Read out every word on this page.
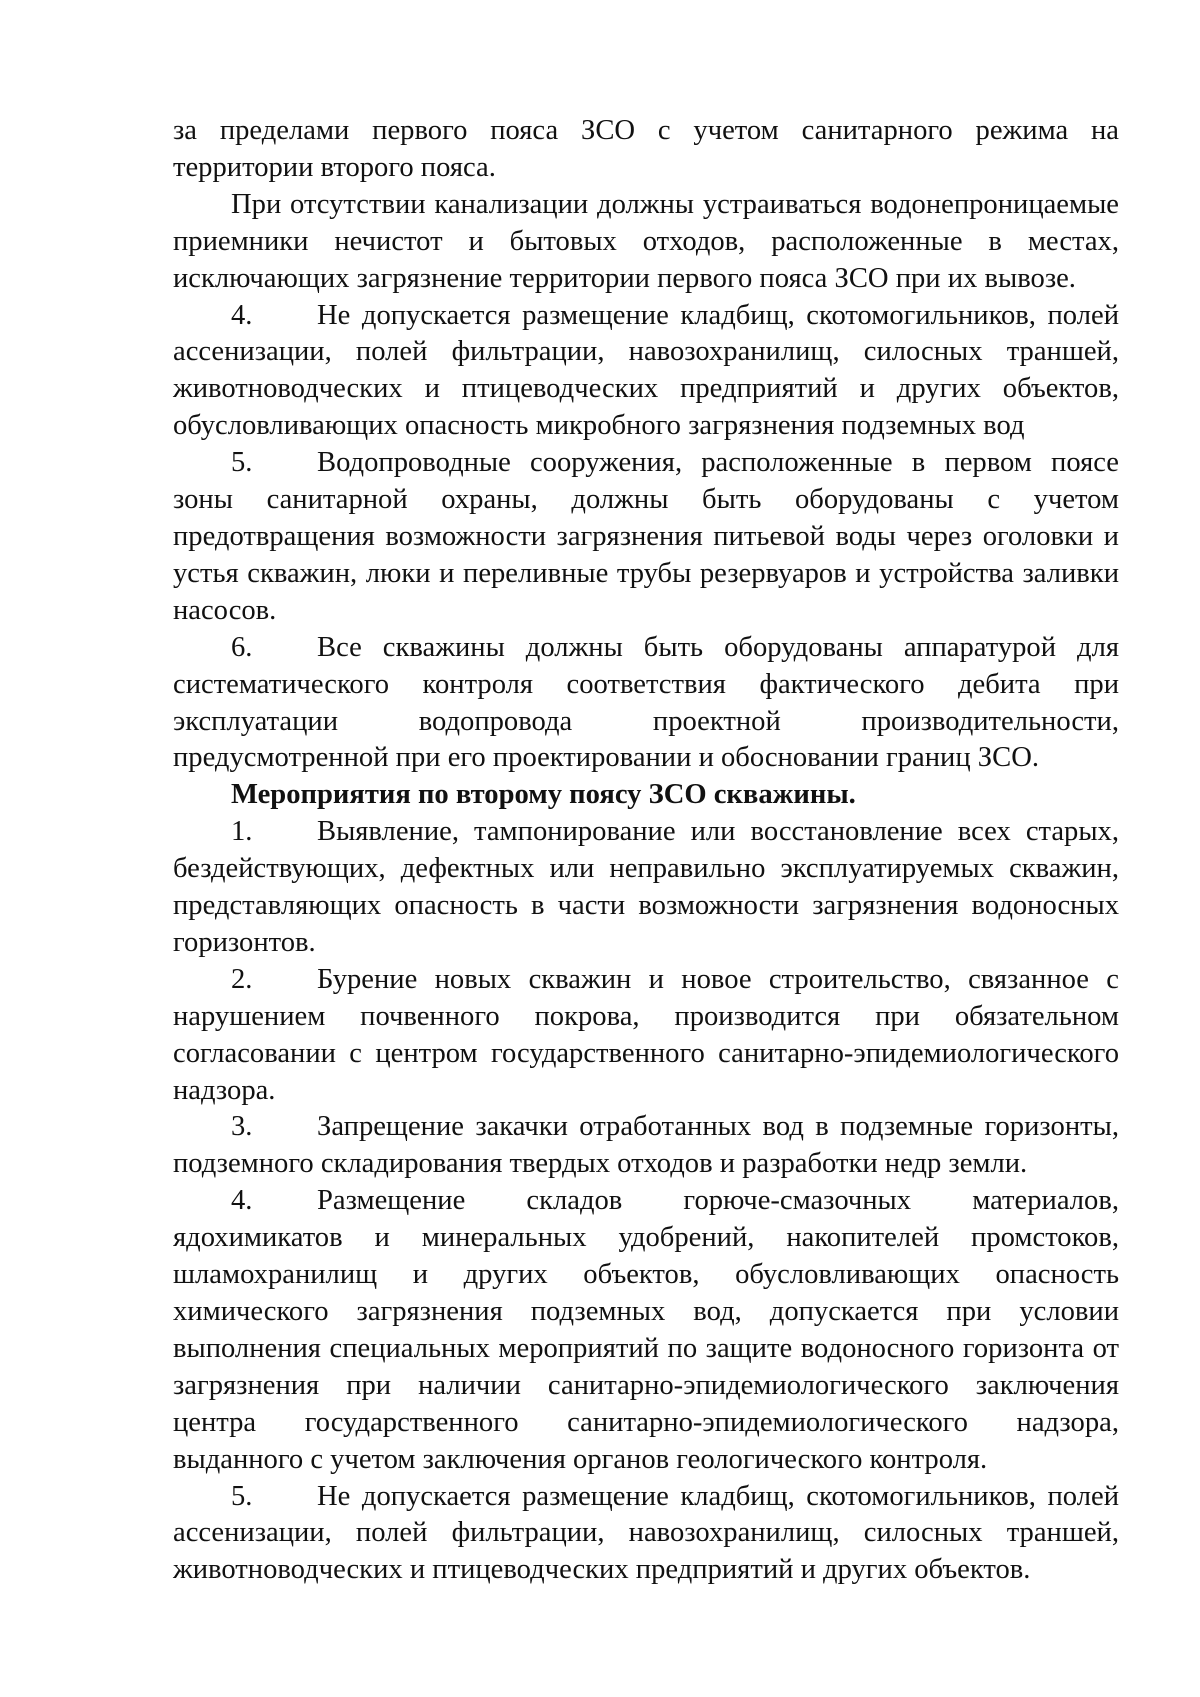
за пределами первого пояса ЗСО с учетом санитарного режима на территории второго пояса.

При отсутствии канализации должны устраиваться водонепроницаемые приемники нечистот и бытовых отходов, расположенные в местах, исключающих загрязнение территории первого пояса ЗСО при их вывозе.

4. Не допускается размещение кладбищ, скотомогильников, полей ассенизации, полей фильтрации, навозохранилищ, силосных траншей, животноводческих и птицеводческих предприятий и других объектов, обусловливающих опасность микробного загрязнения подземных вод

5. Водопроводные сооружения, расположенные в первом поясе зоны санитарной охраны, должны быть оборудованы с учетом предотвращения возможности загрязнения питьевой воды через оголовки и устья скважин, люки и переливные трубы резервуаров и устройства заливки насосов.

6. Все скважины должны быть оборудованы аппаратурой для систематического контроля соответствия фактического дебита при эксплуатации водопровода проектной производительности, предусмотренной при его проектировании и обосновании границ ЗСО.

Мероприятия по второму поясу ЗСО скважины.

1. Выявление, тампонирование или восстановление всех старых, бездействующих, дефектных или неправильно эксплуатируемых скважин, представляющих опасность в части возможности загрязнения водоносных горизонтов.

2. Бурение новых скважин и новое строительство, связанное с нарушением почвенного покрова, производится при обязательном согласовании с центром государственного санитарно-эпидемиологического надзора.

3. Запрещение закачки отработанных вод в подземные горизонты, подземного складирования твердых отходов и разработки недр земли.

4. Размещение складов горюче-смазочных материалов, ядохимикатов и минеральных удобрений, накопителей промстоков, шламохранилищ и других объектов, обусловливающих опасность химического загрязнения подземных вод, допускается при условии выполнения специальных мероприятий по защите водоносного горизонта от загрязнения при наличии санитарно-эпидемиологического заключения центра государственного санитарно-эпидемиологического надзора, выданного с учетом заключения органов геологического контроля.

5. Не допускается размещение кладбищ, скотомогильников, полей ассенизации, полей фильтрации, навозохранилищ, силосных траншей, животноводческих и птицеводческих предприятий и других объектов.
